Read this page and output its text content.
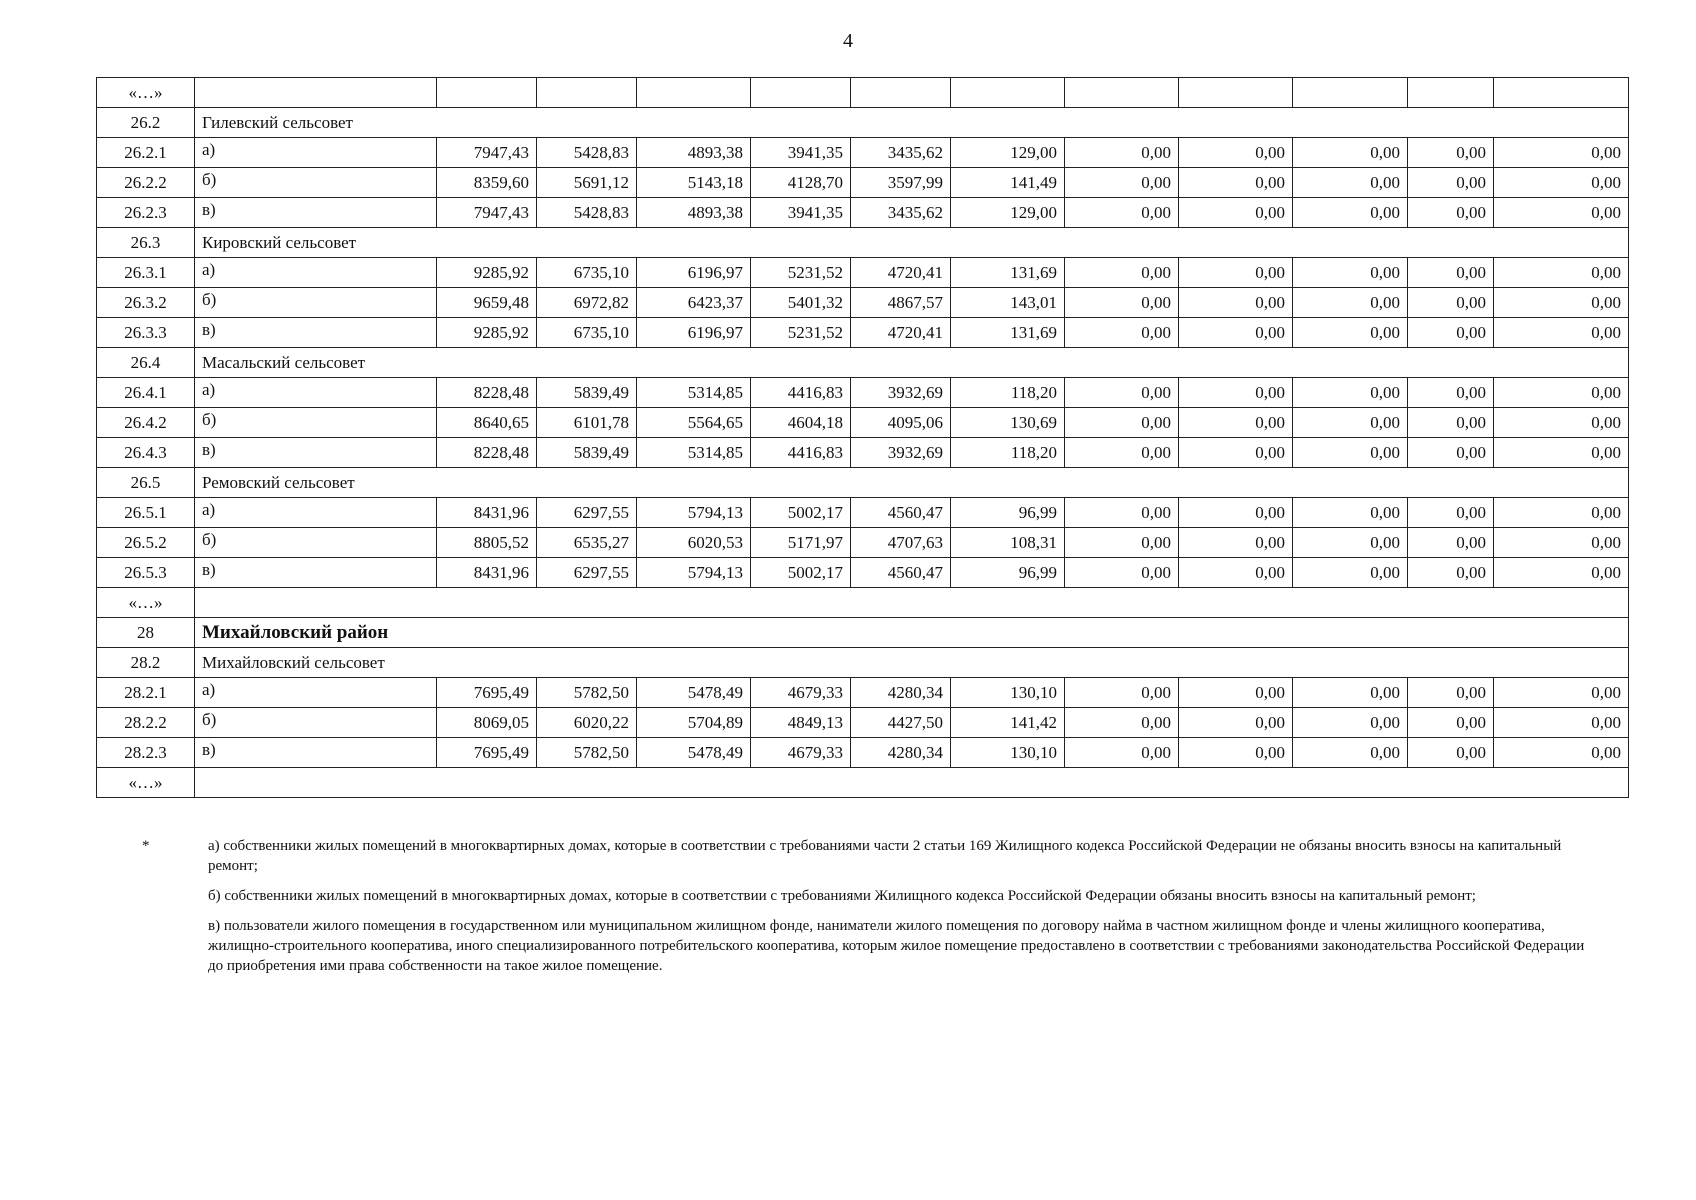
4
«…»												
26.2	Гилевский сельсовет											
26.2.1	а)	7947,43	5428,83	4893,38	3941,35	3435,62	129,00	0,00	0,00	0,00	0,00	0,00
26.2.2	б)	8359,60	5691,12	5143,18	4128,70	3597,99	141,49	0,00	0,00	0,00	0,00	0,00
26.2.3	в)	7947,43	5428,83	4893,38	3941,35	3435,62	129,00	0,00	0,00	0,00	0,00	0,00
26.3	Кировский сельсовет											
26.3.1	а)	9285,92	6735,10	6196,97	5231,52	4720,41	131,69	0,00	0,00	0,00	0,00	0,00
26.3.2	б)	9659,48	6972,82	6423,37	5401,32	4867,57	143,01	0,00	0,00	0,00	0,00	0,00
26.3.3	в)	9285,92	6735,10	6196,97	5231,52	4720,41	131,69	0,00	0,00	0,00	0,00	0,00
26.4	Масальский сельсовет											
26.4.1	а)	8228,48	5839,49	5314,85	4416,83	3932,69	118,20	0,00	0,00	0,00	0,00	0,00
26.4.2	б)	8640,65	6101,78	5564,65	4604,18	4095,06	130,69	0,00	0,00	0,00	0,00	0,00
26.4.3	в)	8228,48	5839,49	5314,85	4416,83	3932,69	118,20	0,00	0,00	0,00	0,00	0,00
26.5	Ремовский сельсовет											
26.5.1	а)	8431,96	6297,55	5794,13	5002,17	4560,47	96,99	0,00	0,00	0,00	0,00	0,00
26.5.2	б)	8805,52	6535,27	6020,53	5171,97	4707,63	108,31	0,00	0,00	0,00	0,00	0,00
26.5.3	в)	8431,96	6297,55	5794,13	5002,17	4560,47	96,99	0,00	0,00	0,00	0,00	0,00
«…»												
28	Михайловский район											
28.2	Михайловский сельсовет											
28.2.1	а)	7695,49	5782,50	5478,49	4679,33	4280,34	130,10	0,00	0,00	0,00	0,00	0,00
28.2.2	б)	8069,05	6020,22	5704,89	4849,13	4427,50	141,42	0,00	0,00	0,00	0,00	0,00
28.2.3	в)	7695,49	5782,50	5478,49	4679,33	4280,34	130,10	0,00	0,00	0,00	0,00	0,00
«…»												
*	а) собственники жилых помещений в многоквартирных домах, которые в соответствии с требованиями части 2 статьи 169 Жилищного кодекса Российской Федерации не обязаны вносить взносы на капитальный ремонт;
б) собственники жилых помещений в многоквартирных домах, которые в соответствии с требованиями Жилищного кодекса Российской Федерации обязаны вносить взносы на капитальный ремонт;
в) пользователи жилого помещения в государственном или муниципальном жилищном фонде, наниматели жилого помещения по договору найма в частном жилищном фонде и члены жилищного кооператива, жилищно-строительного кооператива, иного специализированного потребительского кооператива, которым жилое помещение предоставлено в соответствии с требованиями законодательства Российской Федерации до приобретения ими права собственности на такое жилое помещение.
